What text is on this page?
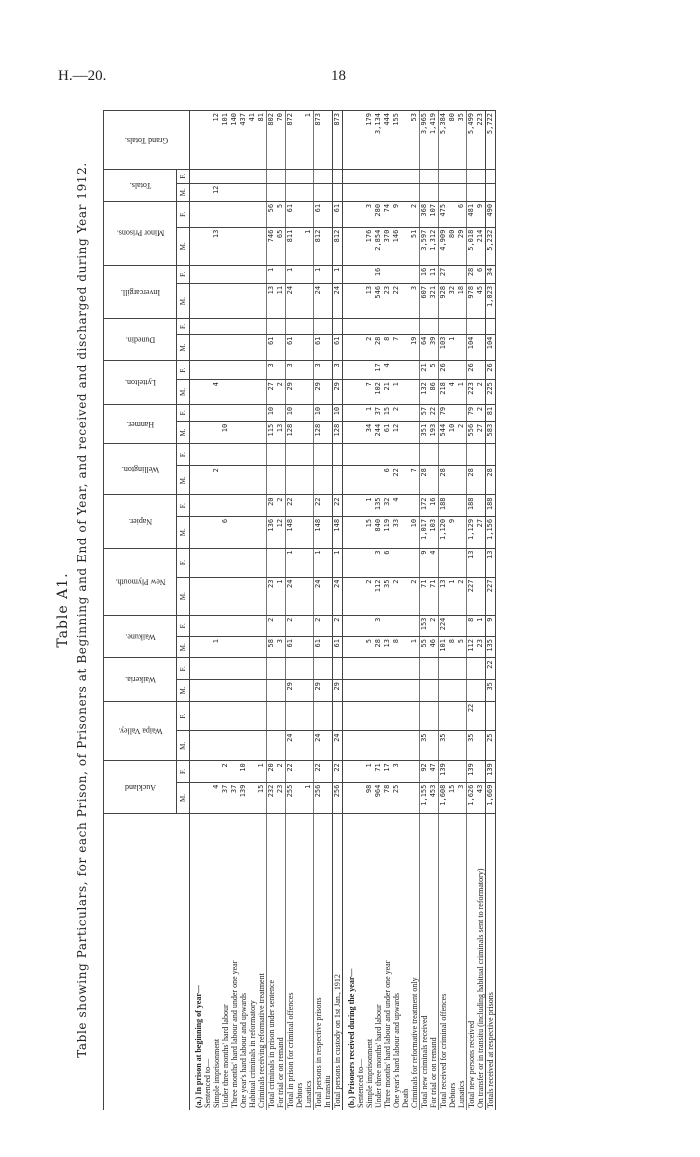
H.—20.	18
Table A1. Table showing Particulars, for each Prison, of Prisoners at Beginning and End of Year, and received and discharged during Year 1912.
		Auckland		Waipa Valley.		Waikeria.		Waikune.		New Plymouth.		Napier.		Wellington.		Hanmer.		Lyttelton.		Dunedin.		Invercargill.		Minor Prisons.		Totals.		Grand Totals.
	M.	F.	M.	F.	M.	F.	M.	F.	M.	F.	M.	F.	M.	F.	M.	F.	M.	F.	M.	F.	M.	F.	M.	F.	M.	F.	
(a.) In prison at beginning of year—																											
Sentenced to—																											
Simple imprisonment	4						1						2				4						13		12		12
Under three months' hard labour	37	2									6				10												101
Three months' hard labour and under one year	37																										140
One year's hard labour and upwards	139	10																									437
Habitual criminals in reformatory																											41
Criminals receiving reformative treatment	15	1																									81
Total criminals in prison under sentence	232	20					58	2	23		136	20			115	10	27	3	61		13	1	746	56			802
For trial or on remand	23	2					3		1		12	2			13		2				11		65	5			70
Total in prison for criminal offences	255	22	24		29		61	2	24	1	148	22			128	10	29	3	61		24	1	811	61			872
Debtors																											
Lunatics	1																						1				1
Total persons in respective prisons	256	22	24		29		61	2	24	1	148	22			128	10	29	3	61		24	1	812	61			873
In transitu																											
Total persons in custody on 1st Jan., 1912	256	22	24		29		61	2	24	1	148	22			128	10	29	3	61		24	1	812	61			873
(b.) Prisoners received during the year—																											
Sentenced to—																											
Simple imprisonment	98	1					5		2		15	1			34	1	7		2		13		176	3			179
Under three months' hard labour	964	71					28	3	112	3	840	135			244	37	102	17	28		546	16	2,854	280			3,134
Three months' hard labour and under one year	78	17					13		35	6	119	32	6		61	15	21	4	8		23		370	74			444
One year's hard labour and upwards	25	3					8		2		33	4	22		12	2	1		7		22		146	9			155
Death																											
Criminals for reformative treatment only							1		2		10		7						19		3		51	2			53
Total new criminals received	1,155	92	35				55	153	71	9	1,017	172	28		351	57	132	21	64		607	16	3,597	368			3,965
For trial or on remand	453	47					46	2	71	4	103	16			193	22	86	5	39		321	11	1,312	107			1,419
Total received for criminal offences	1,608	139	35				101	224	13		1,120	188	28		544	79	218	26	103		928	27	4,909	475			5,384
Debtors	15						8		1		9				10		4		1		32		80				80
Lunatics	3						5		2						2		1				18		29	6			35
Total new persons received	1,626	139	35	22			112	8	227	13	1,129	188	28		556	79	223	26	104		978	28	5,018	481			5,499
On transfer or in transitu (including habitual criminals sent to reformatory)	43						23	1			27				27	2	2				45	6	214	9			223
Totals received at respective prisons	1,669	139	25		35	22	135	9	227	13	1,156	188	28		583	81	225	26	104		1,023	34	5,232	490			5,722
